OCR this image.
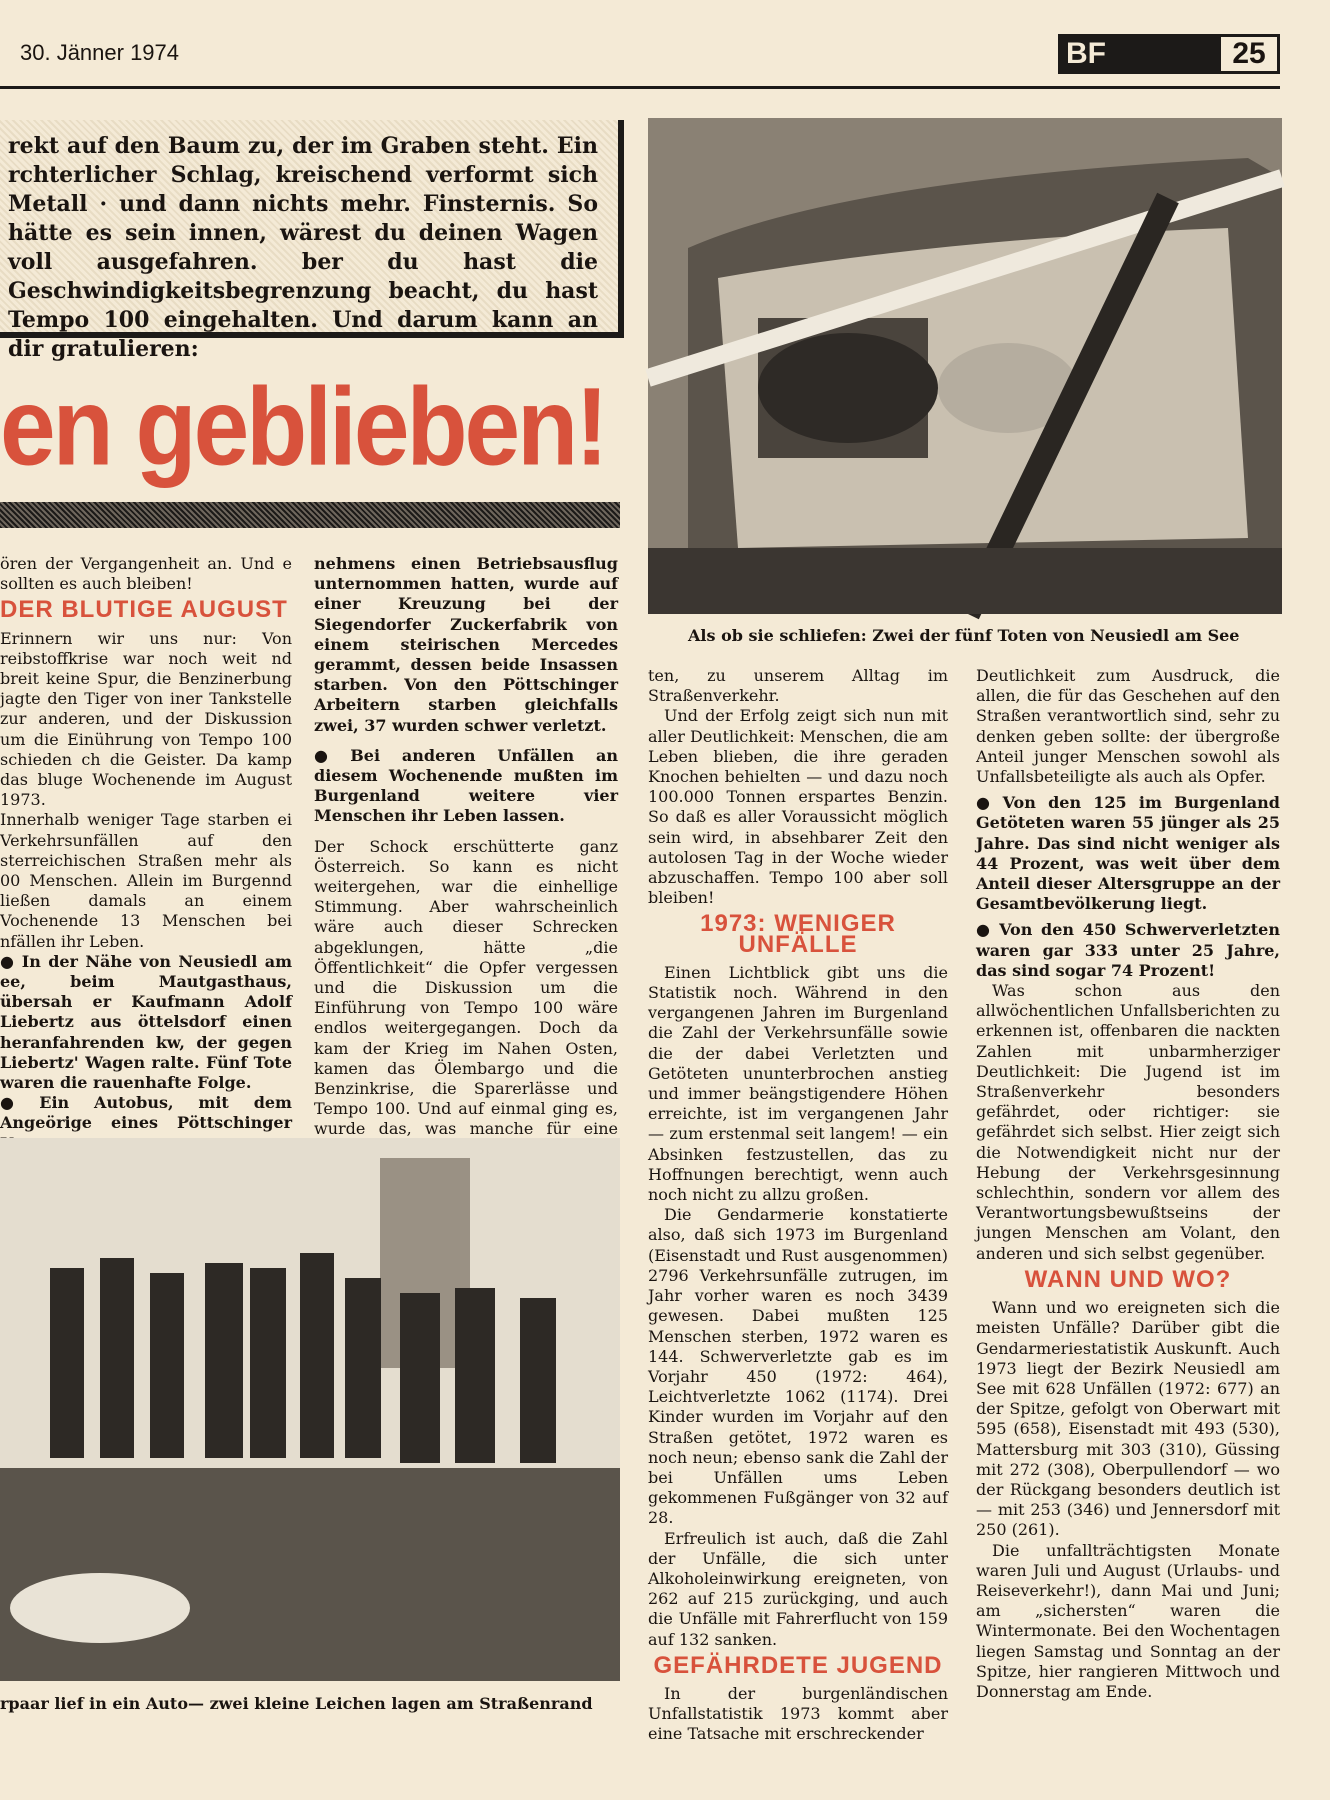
30. Jänner 1974	BF	25
rekt auf den Baum zu, der im Graben steht. Ein rchterlicher Schlag, kreischend verformt sich Metall · und dann nichts mehr. Finsternis. So hätte es sein innen, wärest du deinen Wagen voll ausgefahren. ber du hast die Geschwindigkeitsbegrenzung beacht, du hast Tempo 100 eingehalten. Und darum kann an dir gratulieren:
en geblieben!
Als ob sie schliefen: Zwei der fünf Toten von Neusiedl am See

ören der Vergangenheit an. Und e sollten es auch bleiben!

DER BLUTIGE AUGUST

Erinnern wir uns nur: Von reibstoffkrise war noch weit nd breit keine Spur, die Benzinerbung jagte den Tiger von iner Tankstelle zur anderen, und der Diskussion um die Einührung von Tempo 100 schieden ch die Geister. Da kamp das bluge Wochenende im August 1973.

Innerhalb weniger Tage starben ei Verkehrsunfällen auf den sterreichischen Straßen mehr als 00 Menschen. Allein im Burgennd ließen damals an einem Vochenende 13 Menschen bei nfällen ihr Leben.

● In der Nähe von Neusiedl am ee, beim Mautgasthaus, übersah er Kaufmann Adolf Liebertz aus öttelsdorf einen heranfahrenden kw, der gegen Liebertz' Wagen ralte. Fünf Tote waren die rauenhafte Folge.

● Ein Autobus, mit dem Angeörige eines Pöttschinger

nehmens einen Betriebsausflug unternommen hatten, wurde auf einer Kreuzung bei der Siegendorfer Zuckerfabrik von einem steirischen Mercedes gerammt, dessen beide Insassen starben. Von den Pöttschinger Arbeitern starben gleichfalls zwei, 37 wurden schwer verletzt.

● Bei anderen Unfällen an diesem Wochenende mußten im Burgenland weitere vier Menschen ihr Leben lassen.

Der Schock erschütterte ganz Österreich. So kann es nicht weitergehen, war die einhellige Stimmung. Aber wahrscheinlich wäre auch dieser Schrecken abgeklungen, hätte „die Öffentlichkeit“ die Opfer vergessen und die Diskussion um die Einführung von Tempo 100 wäre endlos weitergegangen. Doch da kam der Krieg im Nahen Osten, kamen das Ölembargo und die Benzinkrise, die Sparerlässe und Tempo 100. Und auf einmal ging es, wurde das, was manche für eine

rpaar lief in ein Auto— zwei kleine Leichen lagen am Straßenrand

ten, zu unserem Alltag im Straßenverkehr.

Und der Erfolg zeigt sich nun mit aller Deutlichkeit: Menschen, die am Leben blieben, die ihre geraden Knochen behielten — und dazu noch 100.000 Tonnen erspartes Benzin. So daß es aller Voraussicht möglich sein wird, in absehbarer Zeit den autolosen Tag in der Woche wieder abzuschaffen. Tempo 100 aber soll bleiben!

1973: WENIGER UNFÄLLE

Einen Lichtblick gibt uns die Statistik noch. Während in den vergangenen Jahren im Burgenland die Zahl der Verkehrsunfälle sowie die der dabei Verletzten und Getöteten ununterbrochen anstieg und immer beängstigendere Höhen erreichte, ist im vergangenen Jahr — zum erstenmal seit langem! — ein Absinken festzustellen, das zu Hoffnungen berechtigt, wenn auch noch nicht zu allzu großen.

Die Gendarmerie konstatierte also, daß sich 1973 im Burgenland (Eisenstadt und Rust ausgenommen) 2796 Verkehrsunfälle zutrugen, im Jahr vorher waren es noch 3439 gewesen. Dabei mußten 125 Menschen sterben, 1972 waren es 144. Schwerverletzte gab es im Vorjahr 450 (1972: 464), Leichtverletzte 1062 (1174). Drei Kinder wurden im Vorjahr auf den Straßen getötet, 1972 waren es noch neun; ebenso sank die Zahl der bei Unfällen ums Leben gekommenen Fußgänger von 32 auf 28.

Erfreulich ist auch, daß die Zahl der Unfälle, die sich unter Alkoholeinwirkung ereigneten, von 262 auf 215 zurückging, und auch die Unfälle mit Fahrerflucht von 159 auf 132 sanken.

GEFÄHRDETE JUGEND

In der burgenländischen Unfallstatistik 1973 kommt aber eine Tatsache mit erschreckender

Deutlichkeit zum Ausdruck, die allen, die für das Geschehen auf den Straßen verantwortlich sind, sehr zu denken geben sollte: der übergroße Anteil junger Menschen sowohl als Unfallsbeteiligte als auch als Opfer.

● Von den 125 im Burgenland Getöteten waren 55 jünger als 25 Jahre. Das sind nicht weniger als 44 Prozent, was weit über dem Anteil dieser Altersgruppe an der Gesamtbevölkerung liegt.

● Von den 450 Schwerverletzten waren gar 333 unter 25 Jahre, das sind sogar 74 Prozent!

Was schon aus den allwöchentlichen Unfallsberichten zu erkennen ist, offenbaren die nackten Zahlen mit unbarmherziger Deutlichkeit: Die Jugend ist im Straßenverkehr besonders gefährdet, oder richtiger: sie gefährdet sich selbst. Hier zeigt sich die Notwendigkeit nicht nur der Hebung der Verkehrsgesinnung schlechthin, sondern vor allem des Verantwortungsbewußtseins der jungen Menschen am Volant, den anderen und sich selbst gegenüber.

WANN UND WO?

Wann und wo ereigneten sich die meisten Unfälle? Darüber gibt die Gendarmeriestatistik Auskunft. Auch 1973 liegt der Bezirk Neusiedl am See mit 628 Unfällen (1972: 677) an der Spitze, gefolgt von Oberwart mit 595 (658), Eisenstadt mit 493 (530), Mattersburg mit 303 (310), Güssing mit 272 (308), Oberpullendorf — wo der Rückgang besonders deutlich ist — mit 253 (346) und Jennersdorf mit 250 (261).

Die unfallträchtigsten Monate waren Juli und August (Urlaubs- und Reiseverkehr!), dann Mai und Juni; am „sichersten“ waren die Wintermonate. Bei den Wochentagen liegen Samstag und Sonntag an der Spitze, hier rangieren Mittwoch und Donnerstag am Ende.
